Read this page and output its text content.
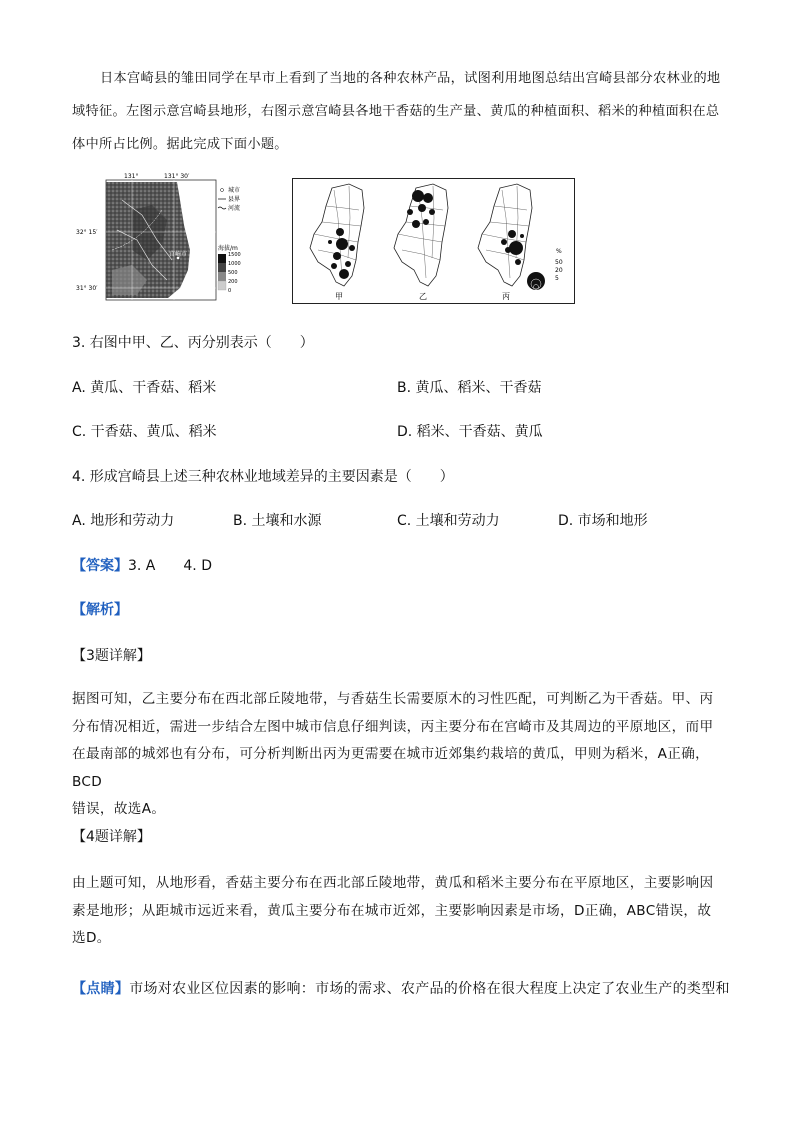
日本宫崎县的雏田同学在早市上看到了当地的各种农林产品，试图利用地图总结出宫崎县部分农林业的地域特征。左图示意宫崎县地形，右图示意宫崎县各地干香菇的生产量、黄瓜的种植面积、稻米的种植面积在总体中所占比例。据此完成下面小题。
宫崎市
131°	131° 30′
32° 15′
31° 30′
城市
县界
河流
海拔/m
1500
1000
500
200
0
甲	乙	丙
%
50
20
5
3. 右图中甲、乙、丙分别表示（　　）
A. 黄瓜、干香菇、稻米	B. 黄瓜、稻米、干香菇
C. 干香菇、黄瓜、稻米	D. 稻米、干香菇、黄瓜
4. 形成宫崎县上述三种农林业地域差异的主要因素是（　　）
A. 地形和劳动力	B. 土壤和水源	C. 土壤和劳动力	D. 市场和地形
【答案】3. A　　4. D
【解析】
【3题详解】
据图可知，乙主要分布在西北部丘陵地带，与香菇生长需要原木的习性匹配，可判断乙为干香菇。甲、丙
分布情况相近，需进一步结合左图中城市信息仔细判读，丙主要分布在宫崎市及其周边的平原地区，而甲
在最南部的城郊也有分布，可分析判断出丙为更需要在城市近郊集约栽培的黄瓜，甲则为稻米，A正确，BCD
错误，故选A。
【4题详解】
由上题可知，从地形看，香菇主要分布在西北部丘陵地带，黄瓜和稻米主要分布在平原地区，主要影响因
素是地形；从距城市远近来看，黄瓜主要分布在城市近郊，主要影响因素是市场，D正确，ABC错误，故
选D。
【点睛】市场对农业区位因素的影响：市场的需求、农产品的价格在很大程度上决定了农业生产的类型和
